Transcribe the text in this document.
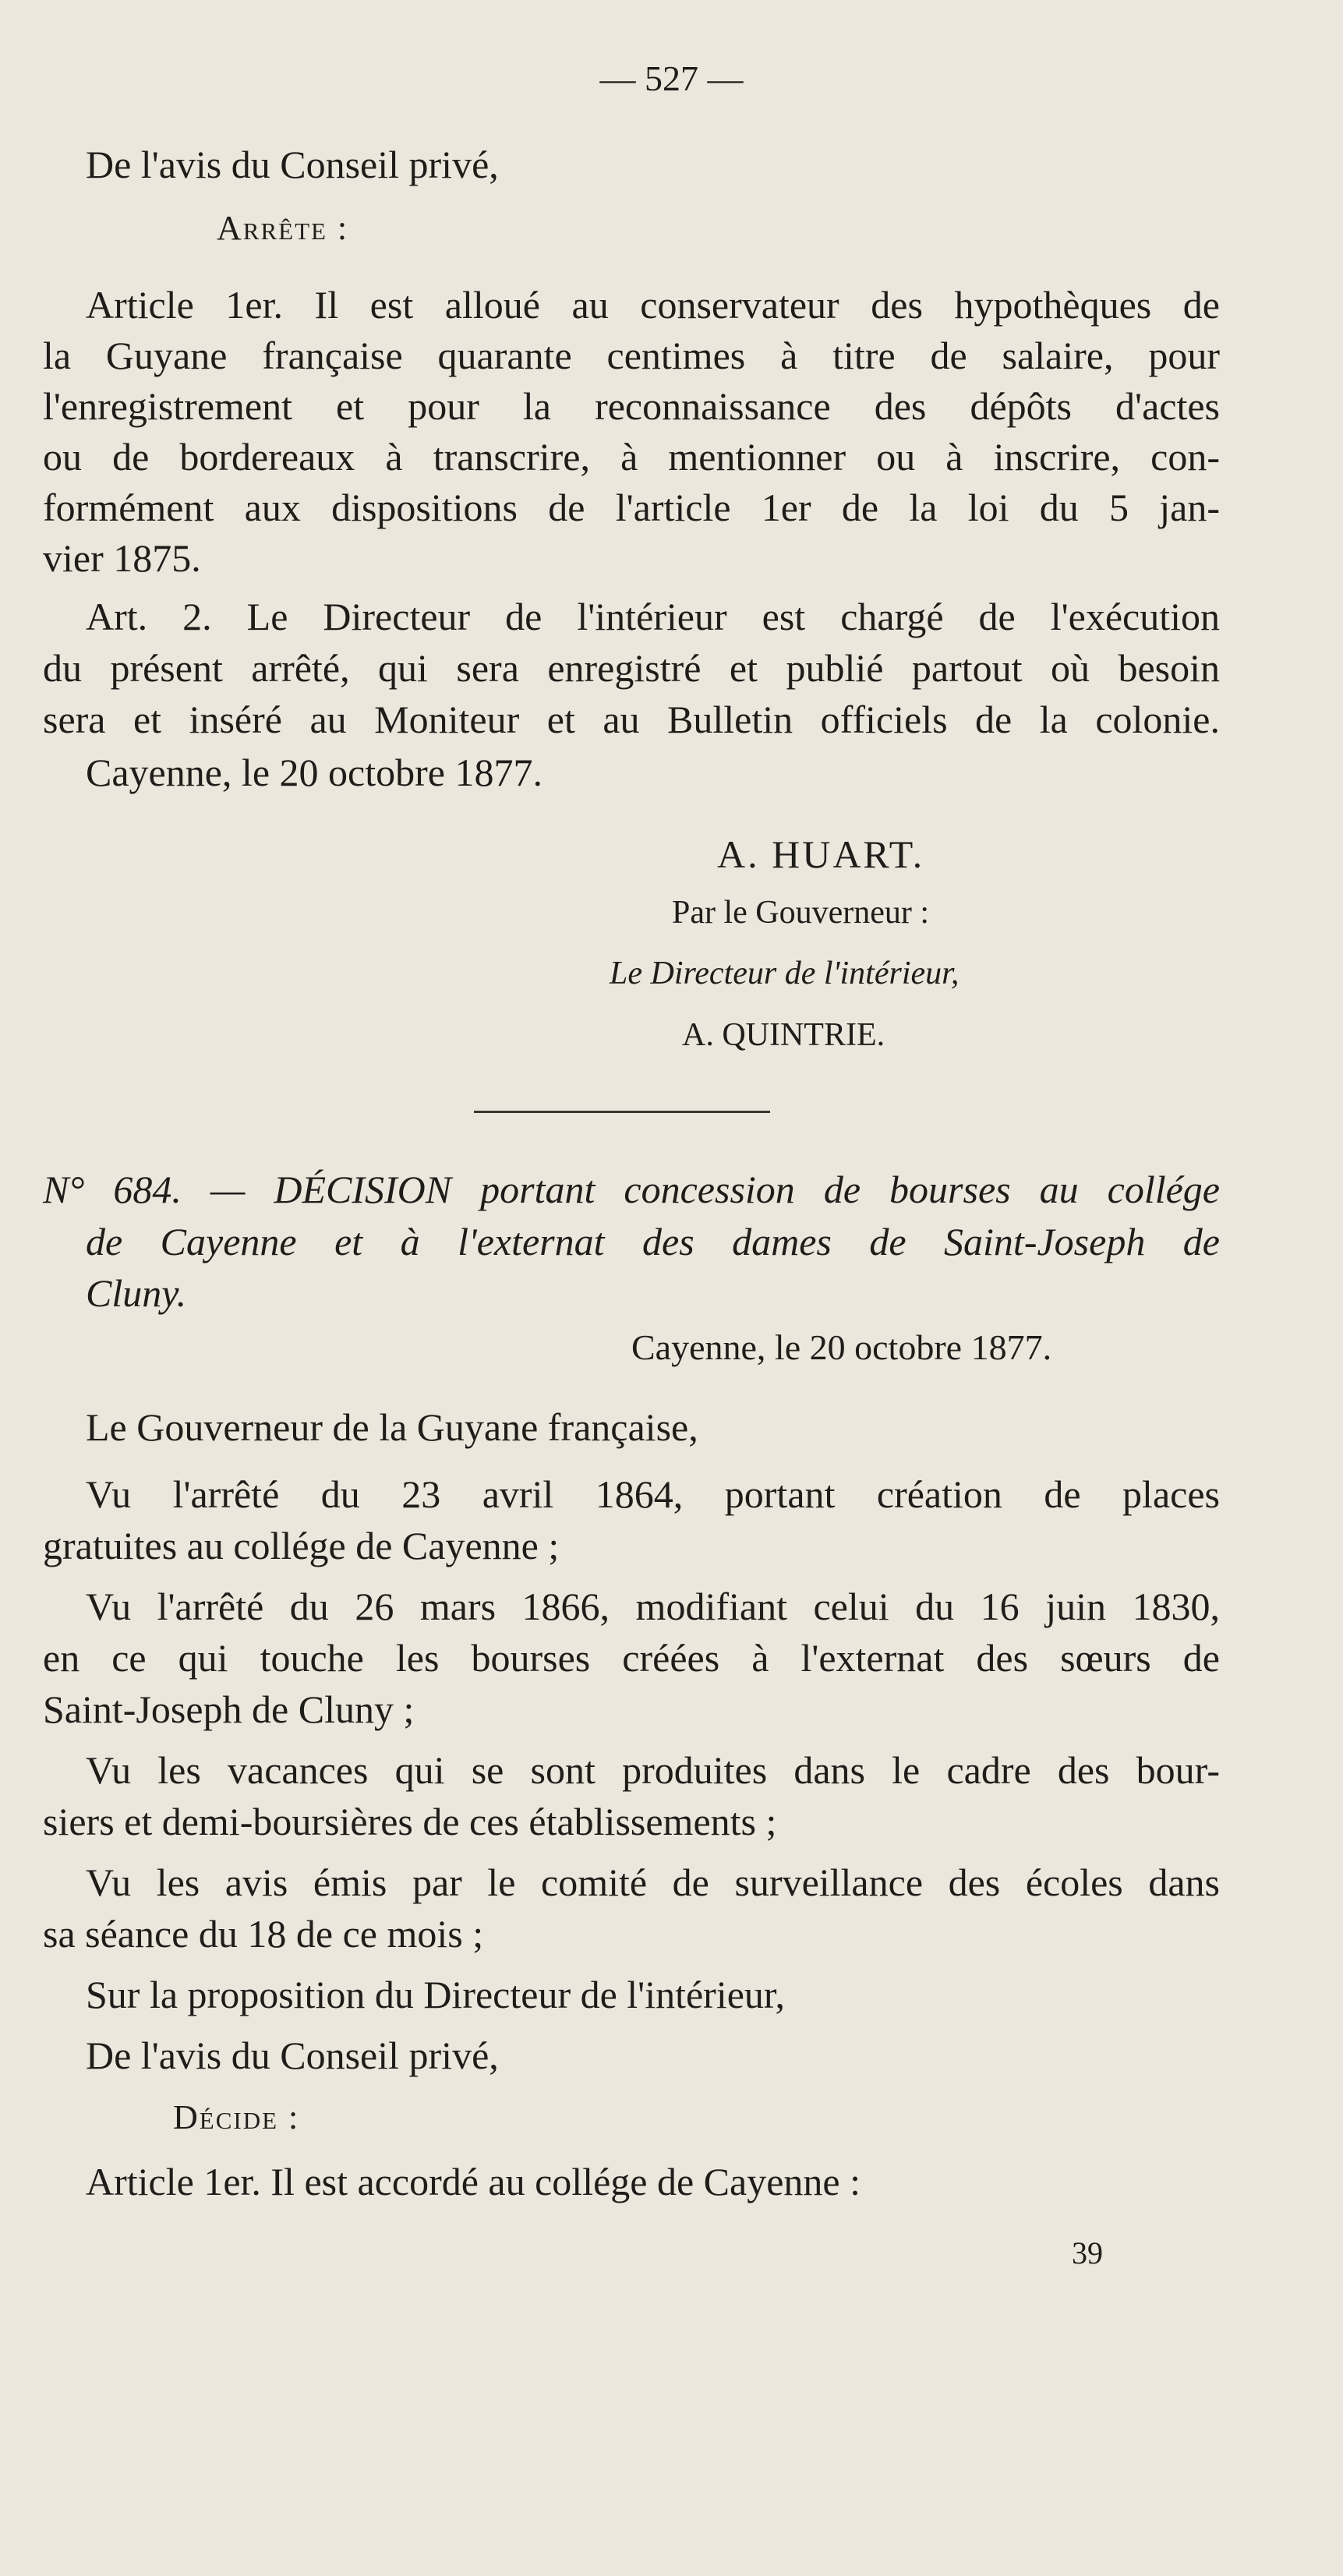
— 527 —
De l'avis du Conseil privé,
Arrête :
Article 1er. Il est alloué au conservateur des hypothèques de
la Guyane française quarante centimes à titre de salaire, pour
l'enregistrement et pour la reconnaissance des dépôts d'actes
ou de bordereaux à transcrire, à mentionner ou à inscrire, con-
formément aux dispositions de l'article 1er de la loi du 5 jan-
vier 1875.
Art. 2. Le Directeur de l'intérieur est chargé de l'exécution
du présent arrêté, qui sera enregistré et publié partout où besoin
sera et inséré au Moniteur et au Bulletin officiels de la colonie.
Cayenne, le 20 octobre 1877.
A. HUART.
Par le Gouverneur :
Le Directeur de l'intérieur,
A. QUINTRIE.
N° 684. — DÉCISION portant concession de bourses au collége
de Cayenne et à l'externat des dames de Saint-Joseph de
Cluny.
Cayenne, le 20 octobre 1877.
Le Gouverneur de la Guyane française,
Vu l'arrêté du 23 avril 1864, portant création de places
gratuites au collége de Cayenne ;
Vu l'arrêté du 26 mars 1866, modifiant celui du 16 juin 1830,
en ce qui touche les bourses créées à l'externat des sœurs de
Saint-Joseph de Cluny ;
Vu les vacances qui se sont produites dans le cadre des bour-
siers et demi-boursières de ces établissements ;
Vu les avis émis par le comité de surveillance des écoles dans
sa séance du 18 de ce mois ;
Sur la proposition du Directeur de l'intérieur,
De l'avis du Conseil privé,
Décide :
Article 1er. Il est accordé au collége de Cayenne :
39
